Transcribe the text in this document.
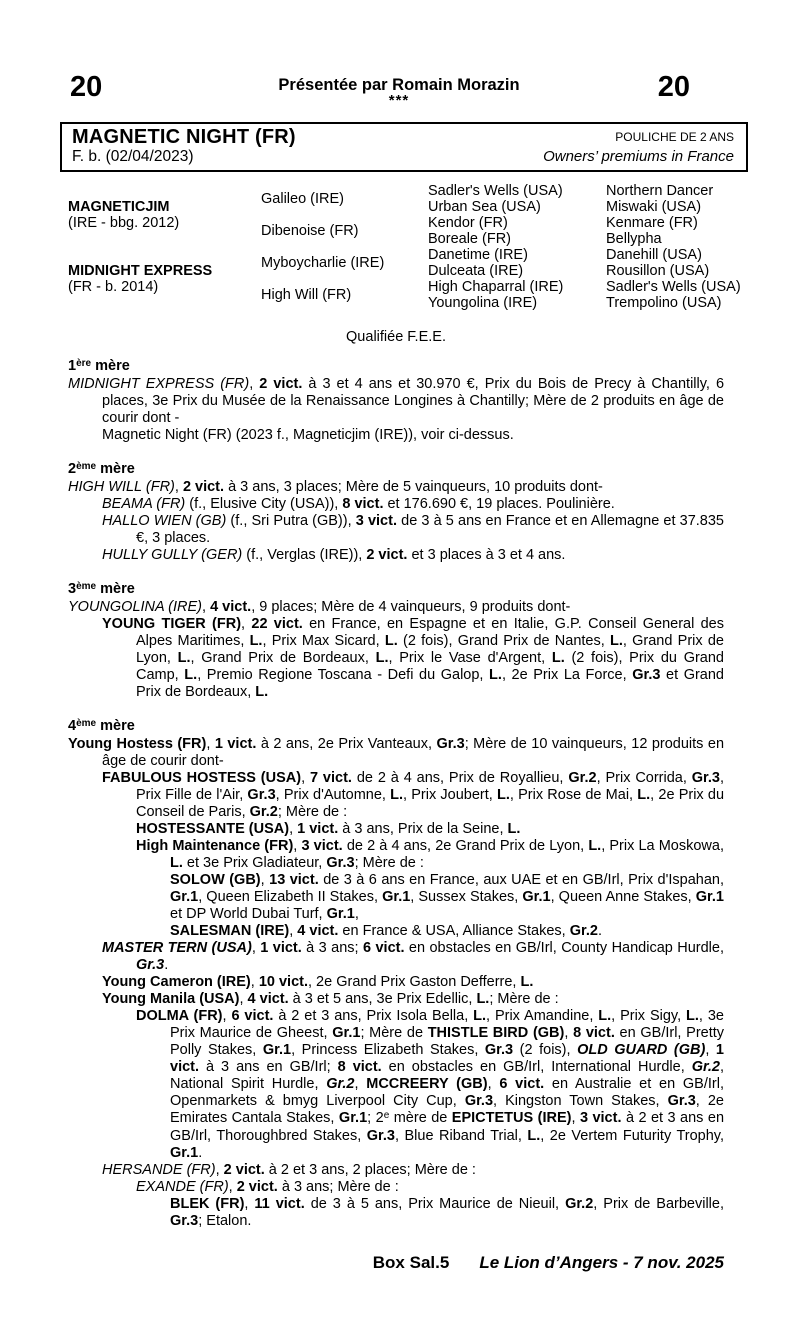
20	20
Présentée par Romain Morazin
***
MAGNETIC NIGHT (FR)
F. b. (02/04/2023)
POULICHE DE 2 ANS
Owners’ premiums in France
MAGNETICJIM
(IRE - bbg. 2012)
MIDNIGHT EXPRESS
(FR - b. 2014)
Galileo (IRE)
Dibenoise (FR)
Myboycharlie (IRE)
High Will (FR)
Sadler's Wells (USA)
Urban Sea (USA)
Kendor (FR)
Boreale (FR)
Danetime (IRE)
Dulceata (IRE)
High Chaparral (IRE)
Youngolina (IRE)
Northern Dancer
Miswaki (USA)
Kenmare (FR)
Bellypha
Danehill (USA)
Rousillon (USA)
Sadler's Wells (USA)
Trempolino (USA)
Qualifiée F.E.E.

1ère mère

MIDNIGHT EXPRESS (FR), 2 vict. à 3 et 4 ans et 30.970 €, Prix du Bois de Precy à Chantilly, 6 places, 3e Prix du Musée de la Renaissance Longines à Chantilly; Mère de 2 produits en âge de courir dont -

Magnetic Night (FR) (2023 f., Magneticjim (IRE)), voir ci-dessus.

2ème mère

HIGH WILL (FR), 2 vict. à 3 ans, 3 places; Mère de 5 vainqueurs, 10 produits dont-

BEAMA (FR) (f., Elusive City (USA)), 8 vict. et 176.690 €, 19 places. Poulinière.

HALLO WIEN (GB) (f., Sri Putra (GB)), 3 vict. de 3 à 5 ans en France et en Allemagne et 37.835 €, 3 places.

HULLY GULLY (GER) (f., Verglas (IRE)), 2 vict. et 3 places à 3 et 4 ans.

3ème mère

YOUNGOLINA (IRE), 4 vict., 9 places; Mère de 4 vainqueurs, 9 produits dont-

YOUNG TIGER (FR), 22 vict. en France, en Espagne et en Italie, G.P. Conseil General des Alpes Maritimes, L., Prix Max Sicard, L. (2 fois), Grand Prix de Nantes, L., Grand Prix de Lyon, L., Grand Prix de Bordeaux, L., Prix le Vase d'Argent, L. (2 fois), Prix du Grand Camp, L., Premio Regione Toscana - Defi du Galop, L., 2e Prix La Force, Gr.3 et Grand Prix de Bordeaux, L.

4ème mère

Young Hostess (FR), 1 vict. à 2 ans, 2e Prix Vanteaux, Gr.3; Mère de 10 vainqueurs, 12 produits en âge de courir dont-

FABULOUS HOSTESS (USA), 7 vict. de 2 à 4 ans, Prix de Royallieu, Gr.2, Prix Corrida, Gr.3, Prix Fille de l'Air, Gr.3, Prix d'Automne, L., Prix Joubert, L., Prix Rose de Mai, L., 2e Prix du Conseil de Paris, Gr.2; Mère de :

HOSTESSANTE (USA), 1 vict. à 3 ans, Prix de la Seine, L.

High Maintenance (FR), 3 vict. de 2 à 4 ans, 2e Grand Prix de Lyon, L., Prix La Moskowa, L. et 3e Prix Gladiateur, Gr.3; Mère de :

SOLOW (GB), 13 vict. de 3 à 6 ans en France, aux UAE et en GB/Irl, Prix d'Ispahan, Gr.1, Queen Elizabeth II Stakes, Gr.1, Sussex Stakes, Gr.1, Queen Anne Stakes, Gr.1 et DP World Dubai Turf, Gr.1,

SALESMAN (IRE), 4 vict. en France & USA, Alliance Stakes, Gr.2.

MASTER TERN (USA), 1 vict. à 3 ans; 6 vict. en obstacles en GB/Irl, County Handicap Hurdle, Gr.3.

Young Cameron (IRE), 10 vict., 2e Grand Prix Gaston Defferre, L.

Young Manila (USA), 4 vict. à 3 et 5 ans, 3e Prix Edellic, L.; Mère de :

DOLMA (FR), 6 vict. à 2 et 3 ans, Prix Isola Bella, L., Prix Amandine, L., Prix Sigy, L., 3e Prix Maurice de Gheest, Gr.1; Mère de THISTLE BIRD (GB), 8 vict. en GB/Irl, Pretty Polly Stakes, Gr.1, Princess Elizabeth Stakes, Gr.3 (2 fois), OLD GUARD (GB), 1 vict. à 3 ans en GB/Irl; 8 vict. en obstacles en GB/Irl, International Hurdle, Gr.2, National Spirit Hurdle, Gr.2, MCCREERY (GB), 6 vict. en Australie et en GB/Irl, Openmarkets & bmyg Liverpool City Cup, Gr.3, Kingston Town Stakes, Gr.3, 2e Emirates Cantala Stakes, Gr.1; 2e mère de EPICTETUS (IRE), 3 vict. à 2 et 3 ans en GB/Irl, Thoroughbred Stakes, Gr.3, Blue Riband Trial, L., 2e Vertem Futurity Trophy, Gr.1.

HERSANDE (FR), 2 vict. à 2 et 3 ans, 2 places; Mère de :

EXANDE (FR), 2 vict. à 3 ans; Mère de :

BLEK (FR), 11 vict. de 3 à 5 ans, Prix Maurice de Nieuil, Gr.2, Prix de Barbeville, Gr.3; Etalon.

Box Sal.5 Le Lion d’Angers - 7 nov. 2025
